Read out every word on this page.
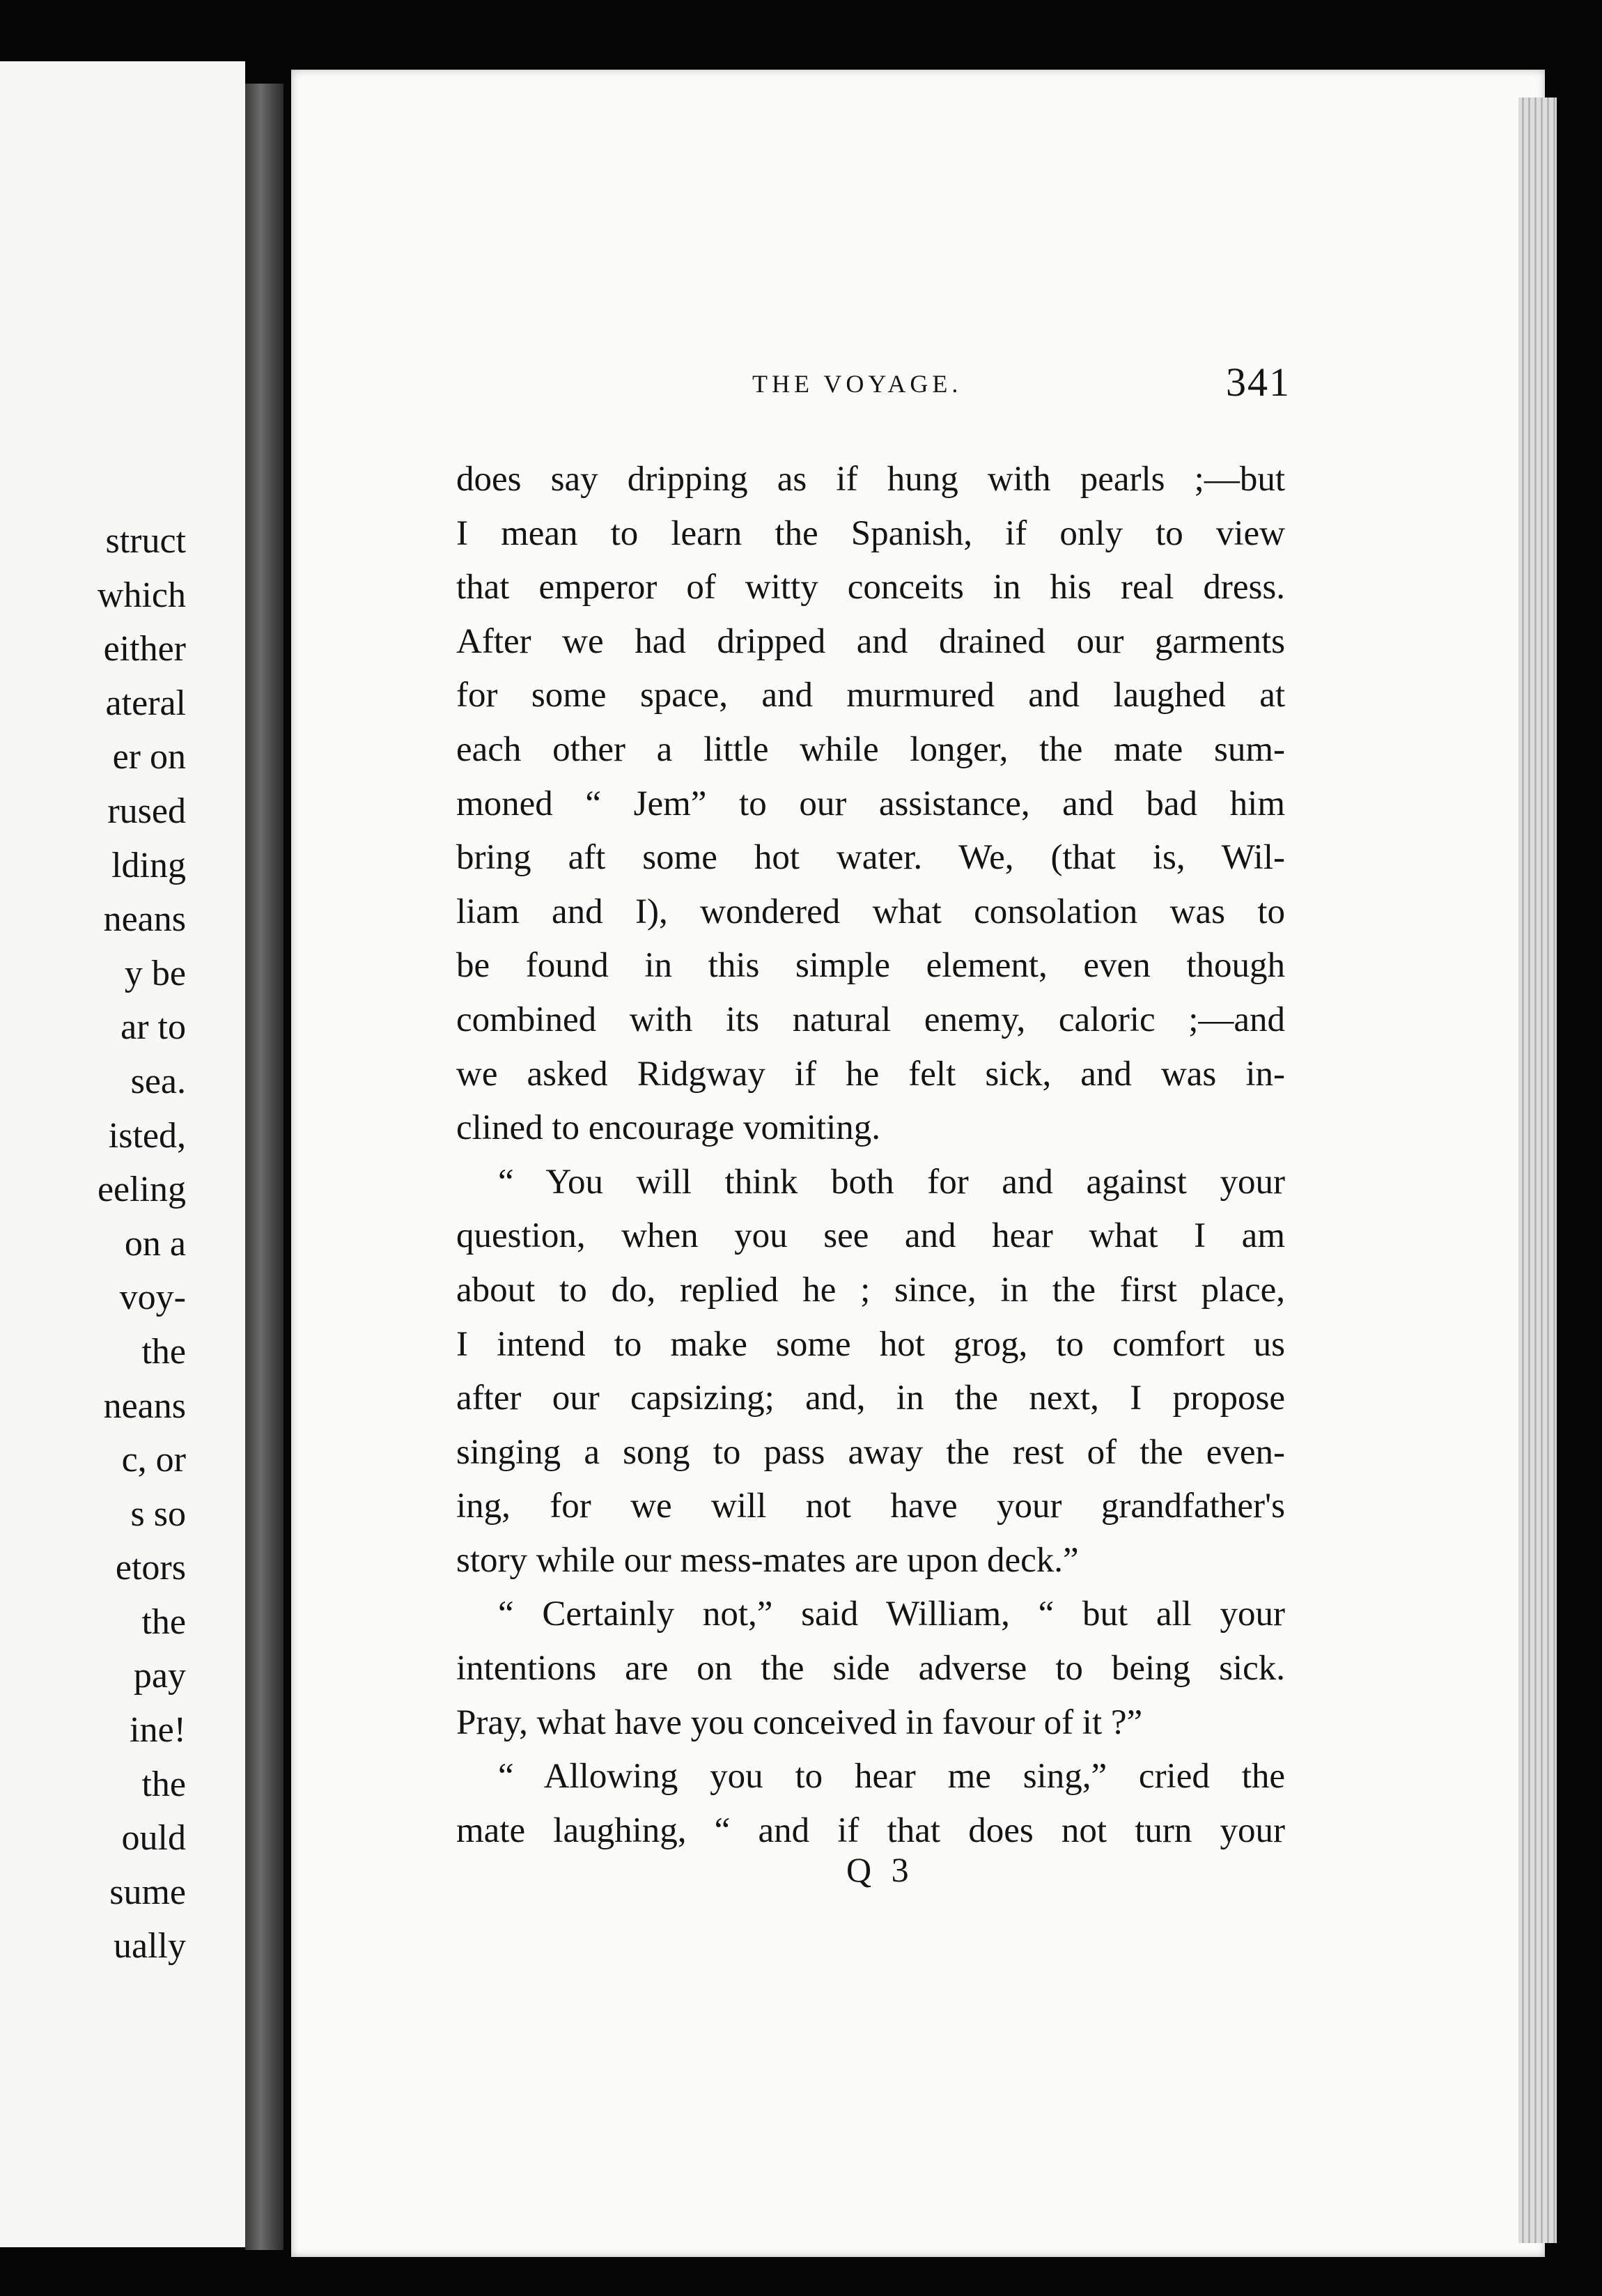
struct
which
either
ateral
er on
rused
lding
neans
y be
ar to
sea.
isted,
eeling
on a
voy-
the
neans
c, or
s so
etors
the
pay
ine!
the
ould
sume
ually
THE VOYAGE.	341
does say dripping as if hung with pearls ;—but
I mean to learn the Spanish, if only to view
that emperor of witty conceits in his real dress.
After we had dripped and drained our garments
for some space, and murmured and laughed at
each other a little while longer, the mate sum-
moned “ Jem” to our assistance, and bad him
bring aft some hot water. We, (that is, Wil-
liam and I), wondered what consolation was to
be found in this simple element, even though
combined with its natural enemy, caloric ;—and
we asked Ridgway if he felt sick, and was in-
clined to encourage vomiting.
“ You will think both for and against your
question, when you see and hear what I am
about to do, replied he ; since, in the first place,
I intend to make some hot grog, to comfort us
after our capsizing; and, in the next, I propose
singing a song to pass away the rest of the even-
ing, for we will not have your grandfather's
story while our mess-mates are upon deck.”
“ Certainly not,” said William, “ but all your
intentions are on the side adverse to being sick.
Pray, what have you conceived in favour of it ?”
“ Allowing you to hear me sing,” cried the
mate laughing, “ and if that does not turn your
Q 3
